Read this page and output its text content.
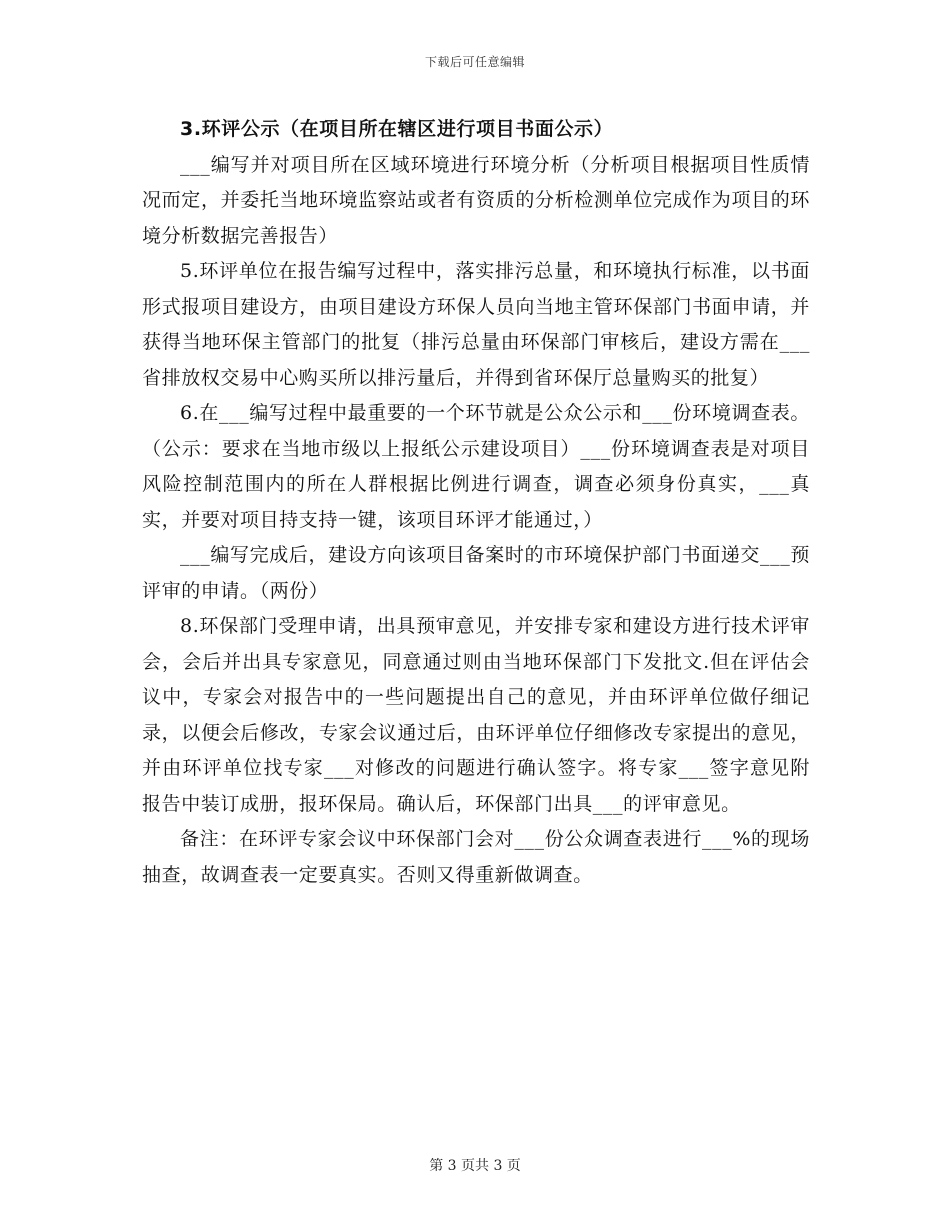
下载后可任意编辑

3.环评公示（在项目所在辖区进行项目书面公示）

___编写并对项目所在区域环境进行环境分析（分析项目根据项目性质情况而定，并委托当地环境监察站或者有资质的分析检测单位完成作为项目的环境分析数据完善报告）

5.环评单位在报告编写过程中，落实排污总量，和环境执行标准，以书面形式报项目建设方，由项目建设方环保人员向当地主管环保部门书面申请，并获得当地环保主管部门的批复（排污总量由环保部门审核后，建设方需在___省排放权交易中心购买所以排污量后，并得到省环保厅总量购买的批复）

6.在___编写过程中最重要的一个环节就是公众公示和___份环境调查表。（公示：要求在当地市级以上报纸公示建设项目）___份环境调查表是对项目风险控制范围内的所在人群根据比例进行调查，调查必须身份真实，___真实，并要对项目持支持一键，该项目环评才能通过，）

___编写完成后，建设方向该项目备案时的市环境保护部门书面递交___预评审的申请。（两份）

8.环保部门受理申请，出具预审意见，并安排专家和建设方进行技术评审会，会后并出具专家意见，同意通过则由当地环保部门下发批文.但在评估会议中，专家会对报告中的一些问题提出自己的意见，并由环评单位做仔细记录，以便会后修改，专家会议通过后，由环评单位仔细修改专家提出的意见，并由环评单位找专家___对修改的问题进行确认签字。将专家___签字意见附报告中装订成册，报环保局。确认后，环保部门出具___的评审意见。

备注：在环评专家会议中环保部门会对___份公众调查表进行___%的现场抽查，故调查表一定要真实。否则又得重新做调查。

第 3 页共 3 页
